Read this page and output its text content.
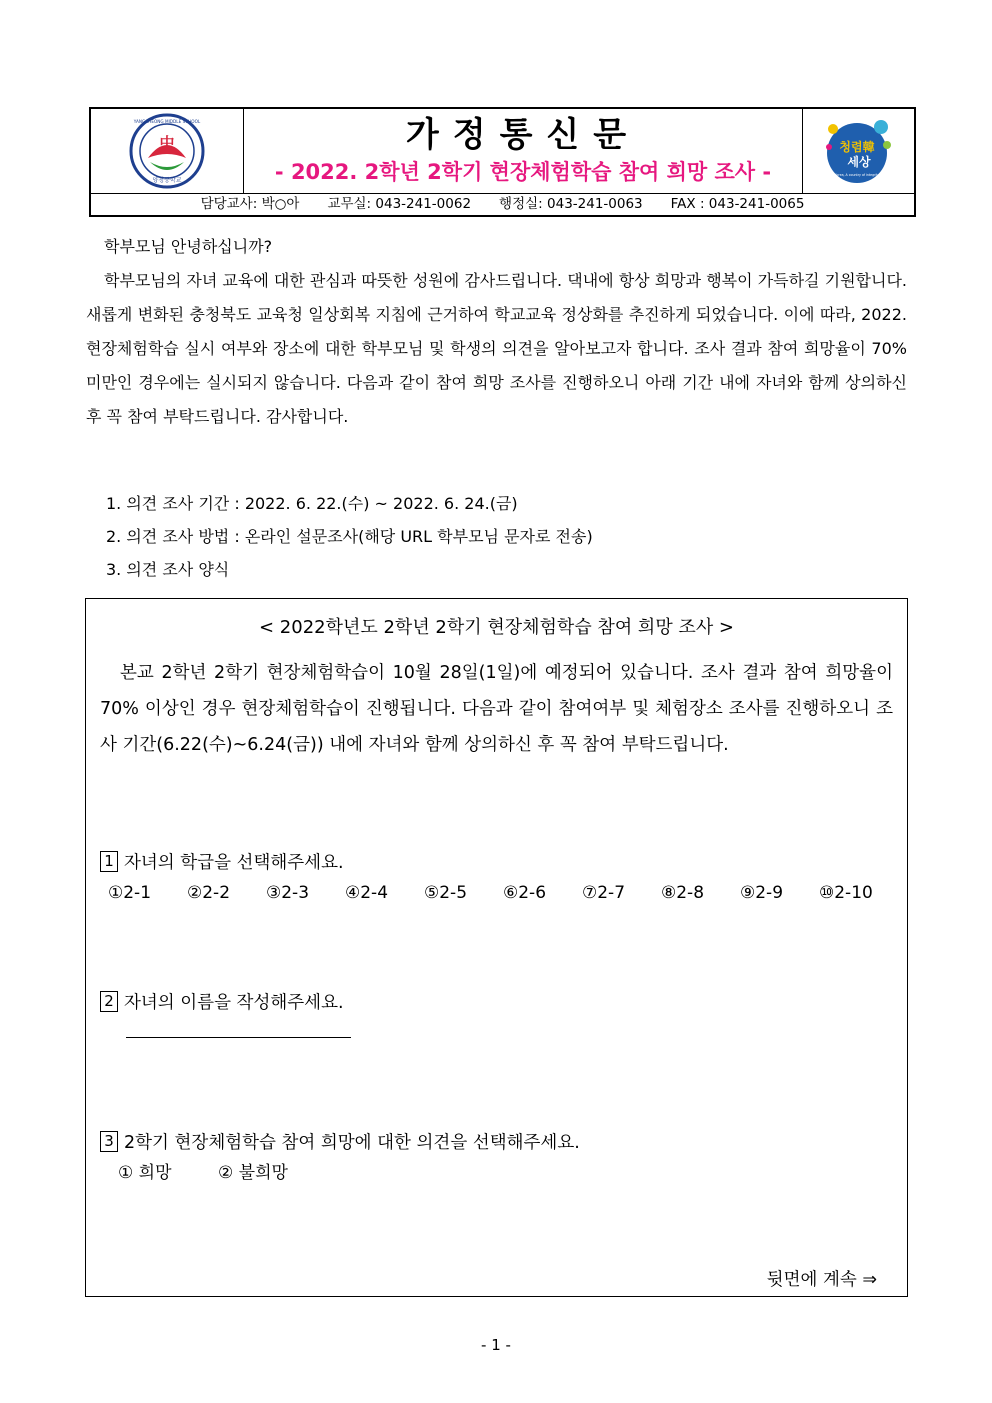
中
양청중학교
YANGCHEONG MIDDLE SCHOOL	가정통신문
- 2022. 2학년 2학기 현장체험학습 참여 희망 조사 -
청렴韓
세상
Korea, A country of integrity
담당교사: 박○아 교무실: 043-241-0062 행정실: 043-241-0063 FAX : 043-241-0065

학부모님 안녕하십니까?

학부모님의 자녀 교육에 대한 관심과 따뜻한 성원에 감사드립니다. 댁내에 항상 희망과 행복이 가득하길 기원합니다. 새롭게 변화된 충청북도 교육청 일상회복 지침에 근거하여 학교교육 정상화를 추진하게 되었습니다. 이에 따라, 2022. 현장체험학습 실시 여부와 장소에 대한 학부모님 및 학생의 의견을 알아보고자 합니다. 조사 결과 참여 희망율이 70% 미만인 경우에는 실시되지 않습니다. 다음과 같이 참여 희망 조사를 진행하오니 아래 기간 내에 자녀와 함께 상의하신 후 꼭 참여 부탁드립니다. 감사합니다.

1. 의견 조사 기간 : 2022. 6. 22.(수) ~ 2022. 6. 24.(금)
2. 의견 조사 방법 : 온라인 설문조사(해당 URL 학부모님 문자로 전송)
3. 의견 조사 양식
< 2022학년도 2학년 2학기 현장체험학습 참여 희망 조사 >
본교 2학년 2학기 현장체험학습이 10월 28일(1일)에 예정되어 있습니다. 조사 결과 참여 희망율이 70% 이상인 경우 현장체험학습이 진행됩니다. 다음과 같이 참여여부 및 체험장소 조사를 진행하오니 조사 기간(6.22(수)~6.24(금)) 내에 자녀와 함께 상의하신 후 꼭 참여 부탁드립니다.
1 자녀의 학급을 선택해주세요.
①2-1 ②2-2 ③2-3 ④2-4 ⑤2-5 ⑥2-6 ⑦2-7 ⑧2-8 ⑨2-9 ⑩2-10
2 자녀의 이름을 작성해주세요.
3 2학기 현장체험학습 참여 희망에 대한 의견을 선택해주세요.
① 희망	② 불희망
뒷면에 계속 ⇒
- 1 -
